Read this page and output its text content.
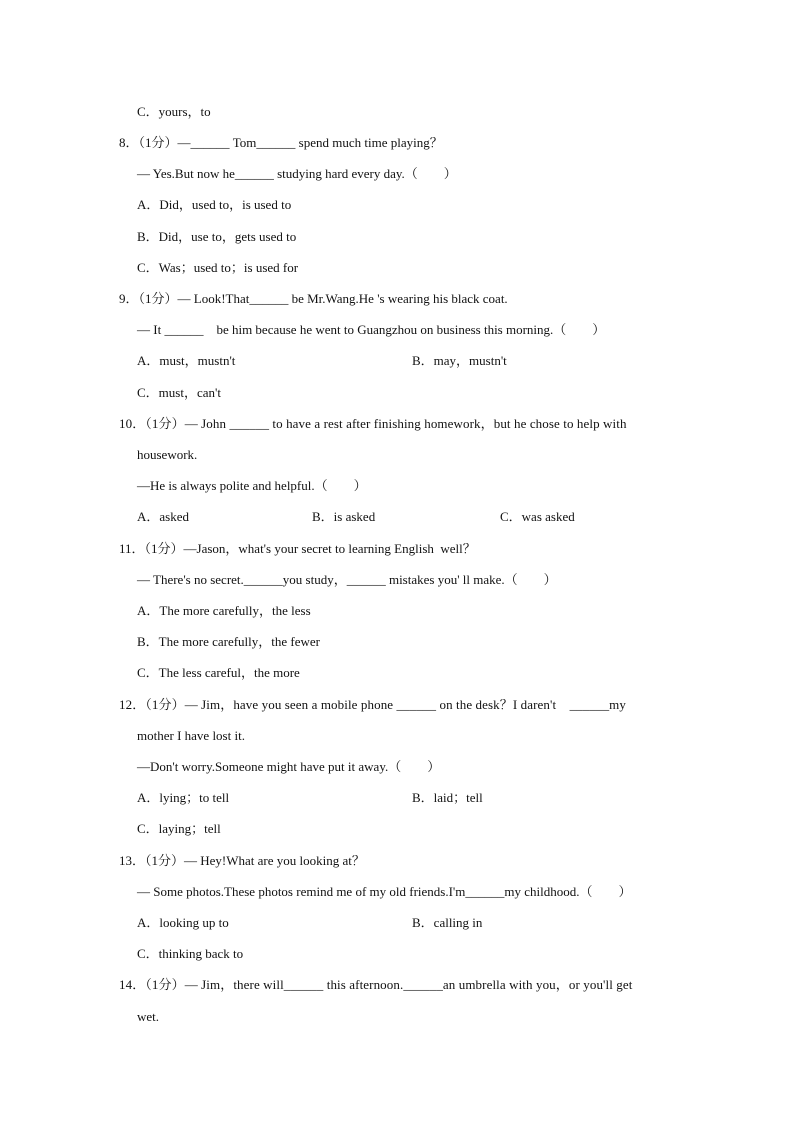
C．yours，to
8．（1分）—______ Tom______ spend much time playing？
— Yes.But now he______ studying hard every day.（　　）
A．Did，used to，is used to
B．Did，use to，gets used to
C．Was；used to；is used for
9．（1分）— Look!That______ be Mr.Wang.He 's wearing his black coat.
— It ______    be him because he went to Guangzhou on business this morning.（　　）
A．must，mustn't	B．may，mustn't
C．must，can't
10．（1分）— John ______ to have a rest after finishing homework，but he chose to help with
housework.
—He is always polite and helpful.（　　）
A．asked	B．is asked	C．was asked
11．（1分）—Jason，what's your secret to learning English  well？
— There's no secret.______you study，______ mistakes you' ll make.（　　）
A．The more carefully，the less
B．The more carefully，the fewer
C．The less careful，the more
12．（1分）— Jim，have you seen a mobile phone ______ on the desk？I daren't    ______my
mother I have lost it.
—Don't worry.Someone might have put it away.（　　）
A．lying；to tell	B．laid；tell
C．laying；tell
13．（1分）— Hey!What are you looking at？
— Some photos.These photos remind me of my old friends.I'm______my childhood.（　　）
A．looking up to	B．calling in
C．thinking back to
14．（1分）— Jim，there will______ this afternoon.______an umbrella with you，or you'll get
wet.
